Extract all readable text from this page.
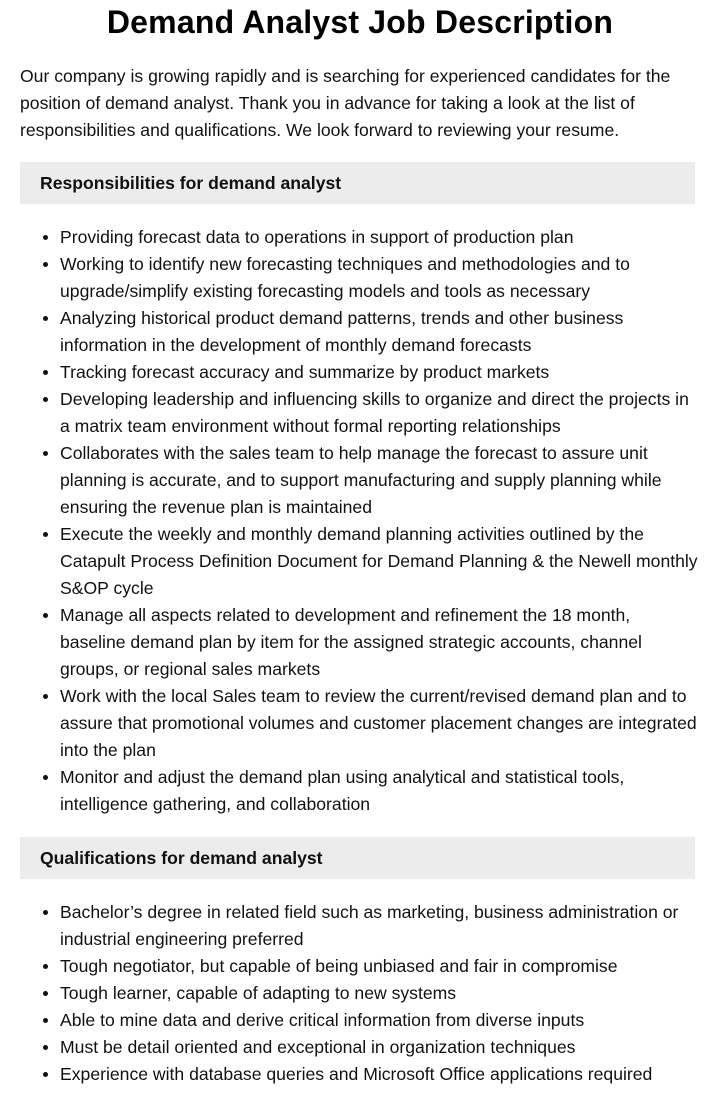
Demand Analyst Job Description

Our company is growing rapidly and is searching for experienced candidates for the position of demand analyst. Thank you in advance for taking a look at the list of responsibilities and qualifications. We look forward to reviewing your resume.

Responsibilities for demand analyst
Providing forecast data to operations in support of production plan
Working to identify new forecasting techniques and methodologies and to upgrade/simplify existing forecasting models and tools as necessary
Analyzing historical product demand patterns, trends and other business information in the development of monthly demand forecasts
Tracking forecast accuracy and summarize by product markets
Developing leadership and influencing skills to organize and direct the projects in a matrix team environment without formal reporting relationships
Collaborates with the sales team to help manage the forecast to assure unit planning is accurate, and to support manufacturing and supply planning while ensuring the revenue plan is maintained
Execute the weekly and monthly demand planning activities outlined by the Catapult Process Definition Document for Demand Planning & the Newell monthly S&OP cycle
Manage all aspects related to development and refinement the 18 month, baseline demand plan by item for the assigned strategic accounts, channel groups, or regional sales markets
Work with the local Sales team to review the current/revised demand plan and to assure that promotional volumes and customer placement changes are integrated into the plan
Monitor and adjust the demand plan using analytical and statistical tools, intelligence gathering, and collaboration
Qualifications for demand analyst
Bachelor’s degree in related field such as marketing, business administration or industrial engineering preferred
Tough negotiator, but capable of being unbiased and fair in compromise
Tough learner, capable of adapting to new systems
Able to mine data and derive critical information from diverse inputs
Must be detail oriented and exceptional in organization techniques
Experience with database queries and Microsoft Office applications required
